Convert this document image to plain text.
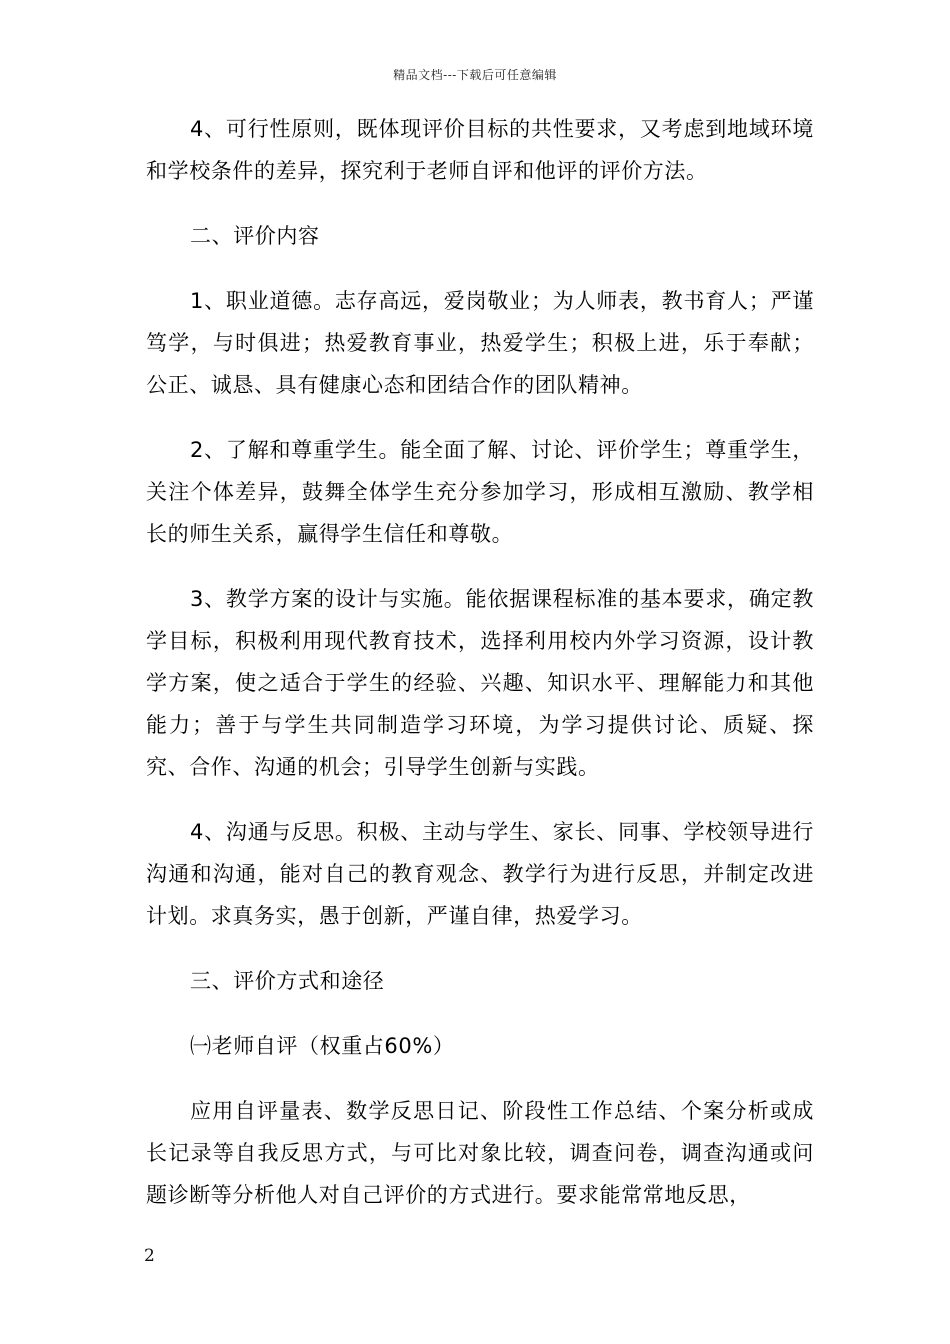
精品文档---下载后可任意编辑

4、可行性原则，既体现评价目标的共性要求，又考虑到地域环境和学校条件的差异，探究利于老师自评和他评的评价方法。

二、评价内容

1、职业道德。志存高远，爱岗敬业；为人师表，教书育人；严谨笃学，与时俱进；热爱教育事业，热爱学生；积极上进，乐于奉献；公正、诚恳、具有健康心态和团结合作的团队精神。

2、了解和尊重学生。能全面了解、讨论、评价学生；尊重学生，关注个体差异，鼓舞全体学生充分参加学习，形成相互激励、教学相长的师生关系，赢得学生信任和尊敬。

3、教学方案的设计与实施。能依据课程标准的基本要求，确定教学目标，积极利用现代教育技术，选择利用校内外学习资源，设计教学方案，使之适合于学生的经验、兴趣、知识水平、理解能力和其他能力；善于与学生共同制造学习环境，为学习提供讨论、质疑、探究、合作、沟通的机会；引导学生创新与实践。

4、沟通与反思。积极、主动与学生、家长、同事、学校领导进行沟通和沟通，能对自己的教育观念、教学行为进行反思，并制定改进计划。求真务实，愚于创新，严谨自律，热爱学习。

三、评价方式和途径

㈠老师自评（权重占60%）

应用自评量表、数学反思日记、阶段性工作总结、个案分析或成长记录等自我反思方式，与可比对象比较，调查问卷，调查沟通或问题诊断等分析他人对自己评价的方式进行。要求能常常地反思，

2
